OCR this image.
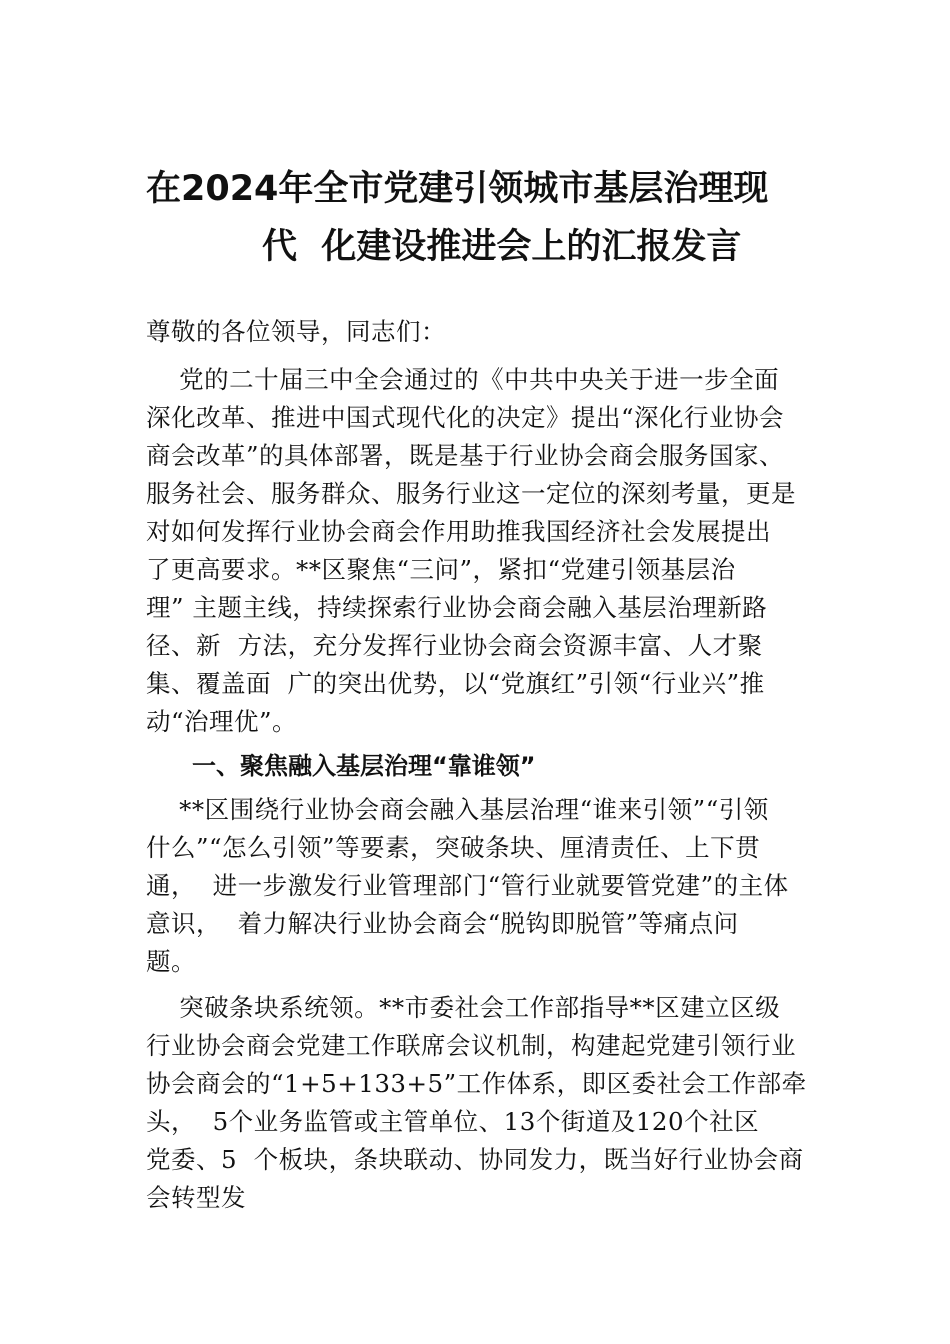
在2024年全市党建引领城市基层治理现
代  化建设推进会上的汇报发言
尊敬的各位领导，同志们：
党的二十届三中全会通过的《中共中央关于进一步全面
深化改革、推进中国式现代化的决定》提出“深化行业协会
商会改革”的具体部署，既是基于行业协会商会服务国家、
服务社会、服务群众、服务行业这一定位的深刻考量，更是
对如何发挥行业协会商会作用助推我国经济社会发展提出
了更高要求。**区聚焦“三问”，紧扣“党建引领基层治
理” 主题主线，持续探索行业协会商会融入基层治理新路
径、新  方法，充分发挥行业协会商会资源丰富、人才聚
集、覆盖面  广的突出优势，以“党旗红”引领“行业兴”推
动“治理优”。
一、聚焦融入基层治理“靠谁领”
**区围绕行业协会商会融入基层治理“谁来引领”“引领
什么”“怎么引领”等要素，突破条块、厘清责任、上下贯
通，  进一步激发行业管理部门“管行业就要管党建”的主体
意识，  着力解决行业协会商会“脱钩即脱管”等痛点问
题。
突破条块系统领。**市委社会工作部指导**区建立区级
行业协会商会党建工作联席会议机制，构建起党建引领行业
协会商会的“1+5+133+5”工作体系，即区委社会工作部牵
头，  5个业务监管或主管单位、13个街道及120个社区
党委、5  个板块，条块联动、协同发力，既当好行业协会商
会转型发
